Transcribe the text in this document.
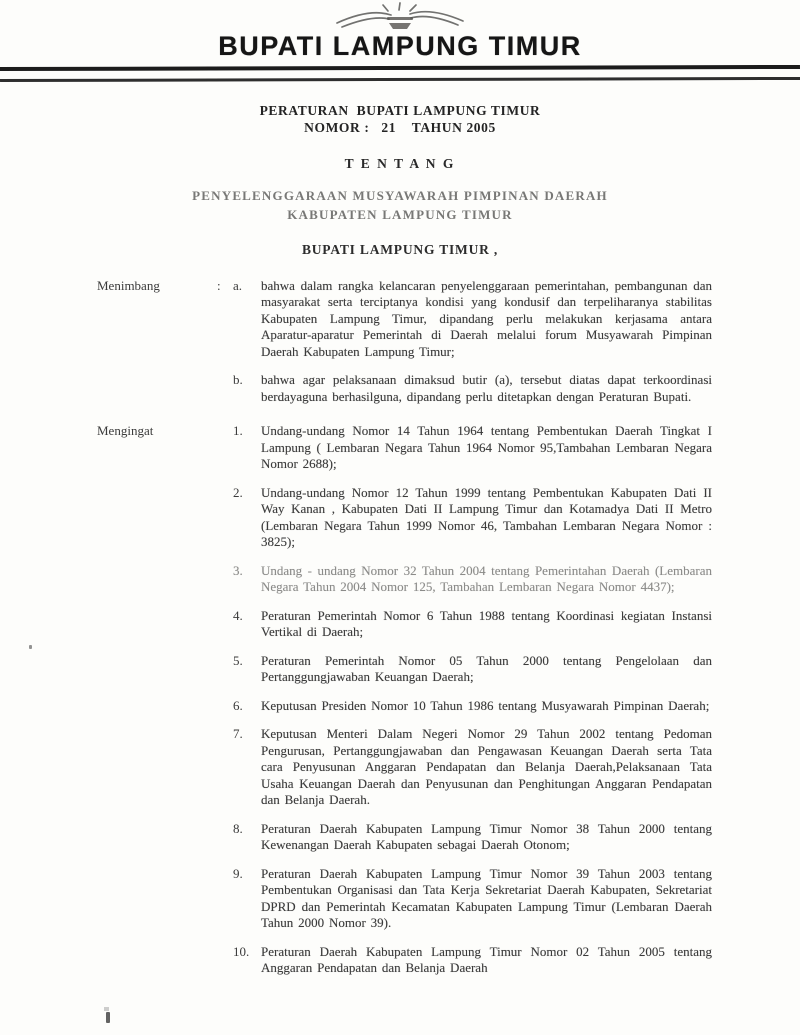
BUPATI LAMPUNG TIMUR
PERATURAN  BUPATI LAMPUNG TIMUR
NOMOR :   21    TAHUN 2005
T E N T A N G
PENYELENGGARAAN MUSYAWARAH PIMPINAN DAERAH
KABUPATEN LAMPUNG TIMUR
BUPATI LAMPUNG TIMUR ,
Menimbang	: a.	bahwa dalam rangka kelancaran penyelenggaraan pemerintahan, pembangunan dan masyarakat serta terciptanya kondisi yang kondusif dan terpeliharanya stabilitas Kabupaten Lampung Timur, dipandang perlu melakukan kerjasama antara Aparatur-aparatur Pemerintah di Daerah melalui forum Musyawarah Pimpinan Daerah Kabupaten Lampung Timur;
b.	bahwa agar pelaksanaan dimaksud butir (a), tersebut diatas dapat terkoordinasi berdayaguna berhasilguna, dipandang perlu ditetapkan dengan Peraturan Bupati.
Mengingat	1.	Undang-undang Nomor 14 Tahun 1964 tentang Pembentukan Daerah Tingkat I Lampung ( Lembaran Negara Tahun 1964 Nomor 95,Tambahan Lembaran Negara Nomor 2688);
2.	Undang-undang Nomor 12 Tahun 1999 tentang Pembentukan Kabupaten Dati II Way Kanan , Kabupaten Dati II Lampung Timur dan Kotamadya Dati II Metro (Lembaran Negara Tahun 1999 Nomor 46, Tambahan Lembaran Negara Nomor : 3825);
3.	Undang - undang Nomor 32 Tahun 2004 tentang Pemerintahan Daerah (Lembaran Negara Tahun 2004 Nomor 125, Tambahan Lembaran Negara Nomor 4437);
4.	Peraturan Pemerintah Nomor 6 Tahun 1988 tentang Koordinasi kegiatan Instansi Vertikal di Daerah;
5.	Peraturan Pemerintah Nomor 05 Tahun 2000 tentang Pengelolaan dan Pertanggungjawaban Keuangan Daerah;
6.	Keputusan Presiden Nomor 10 Tahun 1986 tentang Musyawarah Pimpinan Daerah;
7.	Keputusan Menteri Dalam Negeri Nomor 29 Tahun 2002 tentang Pedoman Pengurusan, Pertanggungjawaban dan Pengawasan Keuangan Daerah serta Tata cara Penyusunan Anggaran Pendapatan dan Belanja Daerah,Pelaksanaan Tata Usaha Keuangan Daerah dan Penyusunan dan Penghitungan Anggaran Pendapatan dan Belanja Daerah.
8.	Peraturan Daerah Kabupaten Lampung Timur Nomor 38 Tahun 2000 tentang Kewenangan Daerah Kabupaten sebagai Daerah Otonom;
9.	Peraturan Daerah Kabupaten Lampung Timur Nomor 39 Tahun 2003 tentang Pembentukan Organisasi dan Tata Kerja Sekretariat Daerah Kabupaten, Sekretariat DPRD dan Pemerintah Kecamatan Kabupaten Lampung Timur (Lembaran Daerah Tahun 2000 Nomor 39).
10. Peraturan Daerah Kabupaten Lampung Timur Nomor 02 Tahun 2005 tentang Anggaran Pendapatan dan Belanja Daerah
